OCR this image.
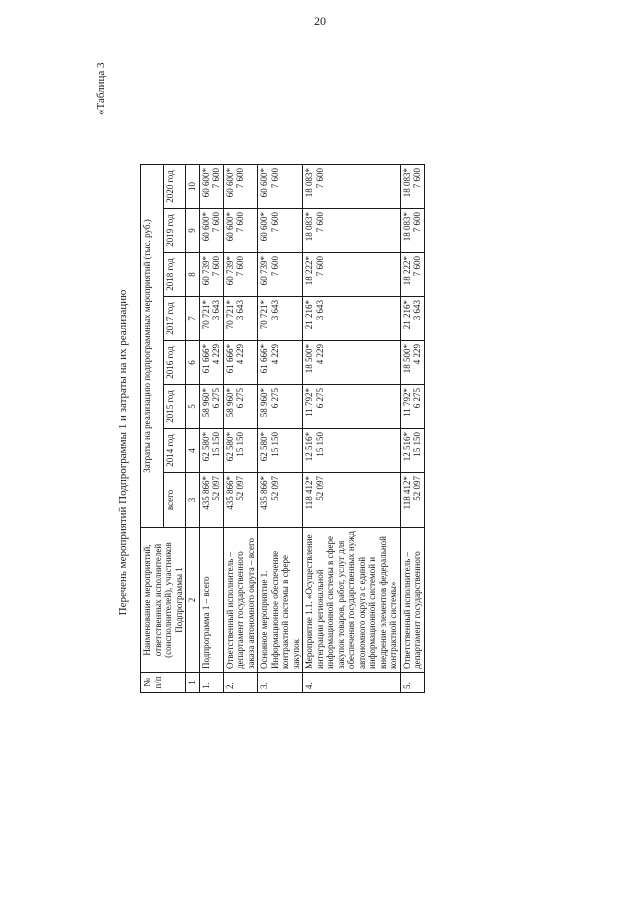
20
«Таблица 3
Перечень мероприятий Подпрограммы 1 и затраты на их реализацию
№ п/п	Наименование мероприятий, ответственных исполнителей (соисполнителей), участников Подпрограммы 1	Затраты на реализацию подпрограммных мероприятий (тыс. руб.)							
		всего	2014 год	2015 год	2016 год	2017 год	2018 год	2019 год	2020 год
1	2	3	4	5	6	7	8	9	10
1.	Подпрограмма 1 – всего	435 866* 52 097	62 580* 15 150	58 960* 6 275	61 666* 4 229	70 721* 3 643	60 739* 7 600	60 600* 7 600	60 600* 7 600

2.	Ответственный исполнитель – департамент государственного заказа автономного округа – всего	435 866* 52 097	62 580* 15 150	58 960* 6 275	61 666* 4 229	70 721* 3 643	60 739* 7 600	60 600* 7 600	60 600* 7 600

3.	Основное мероприятие 1. Информационное обеспечение контрактной системы в сфере закупок	435 866* 52 097	62 580* 15 150	58 960* 6 275	61 666* 4 229	70 721* 3 643	60 739* 7 600	60 600* 7 600	60 600* 7 600

4.	Мероприятие 1.1. «Осуществление интеграции региональной информационной системы в сфере закупок товаров, работ, услуг для обеспечения государственных нужд автономного округа с единой информационной системой и внедрение элементов федеральной контрактной системы»	118 412* 52 097	12 516* 15 150	11 792* 6 275	18 500* 4 229	21 216* 3 643	18 222* 7 600	18 083* 7 600	18 083* 7 600

5.	Ответственный исполнитель – департамент государственного	118 412* 52 097	12 516* 15 150	11 792* 6 275	18 500* 4 229	21 216* 3 643	18 222* 7 600	18 083* 7 600	18 083* 7 600
